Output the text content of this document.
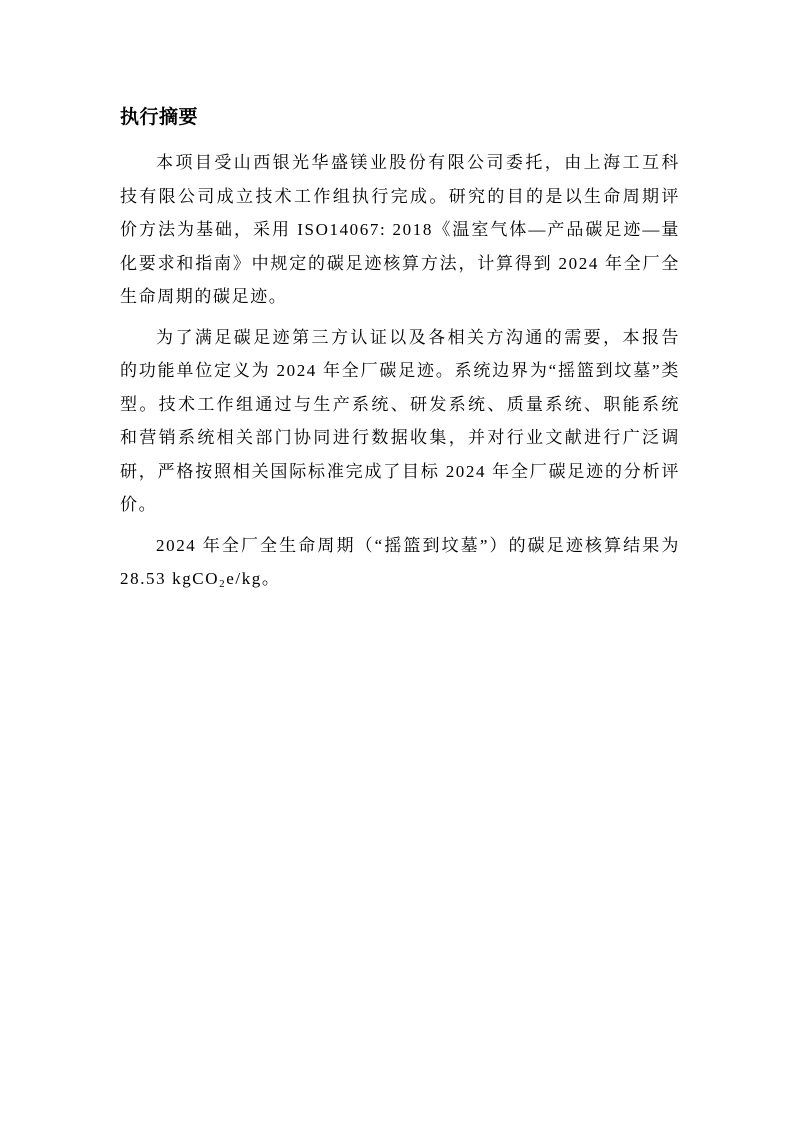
执行摘要
本项目受山西银光华盛镁业股份有限公司委托，由上海工互科
技有限公司成立技术工作组执行完成。研究的目的是以生命周期评
价方法为基础，采用 ISO14067: 2018《温室气体—产品碳足迹—量
化要求和指南》中规定的碳足迹核算方法，计算得到 2024 年全厂全
生命周期的碳足迹。
为了满足碳足迹第三方认证以及各相关方沟通的需要，本报告
的功能单位定义为 2024 年全厂碳足迹。系统边界为“摇篮到坟墓”类
型。技术工作组通过与生产系统、研发系统、质量系统、职能系统
和营销系统相关部门协同进行数据收集，并对行业文献进行广泛调
研，严格按照相关国际标准完成了目标 2024 年全厂碳足迹的分析评
价。
2024 年全厂全生命周期（“摇篮到坟墓”）的碳足迹核算结果为
28.53 kgCO$_2$e/kg。
